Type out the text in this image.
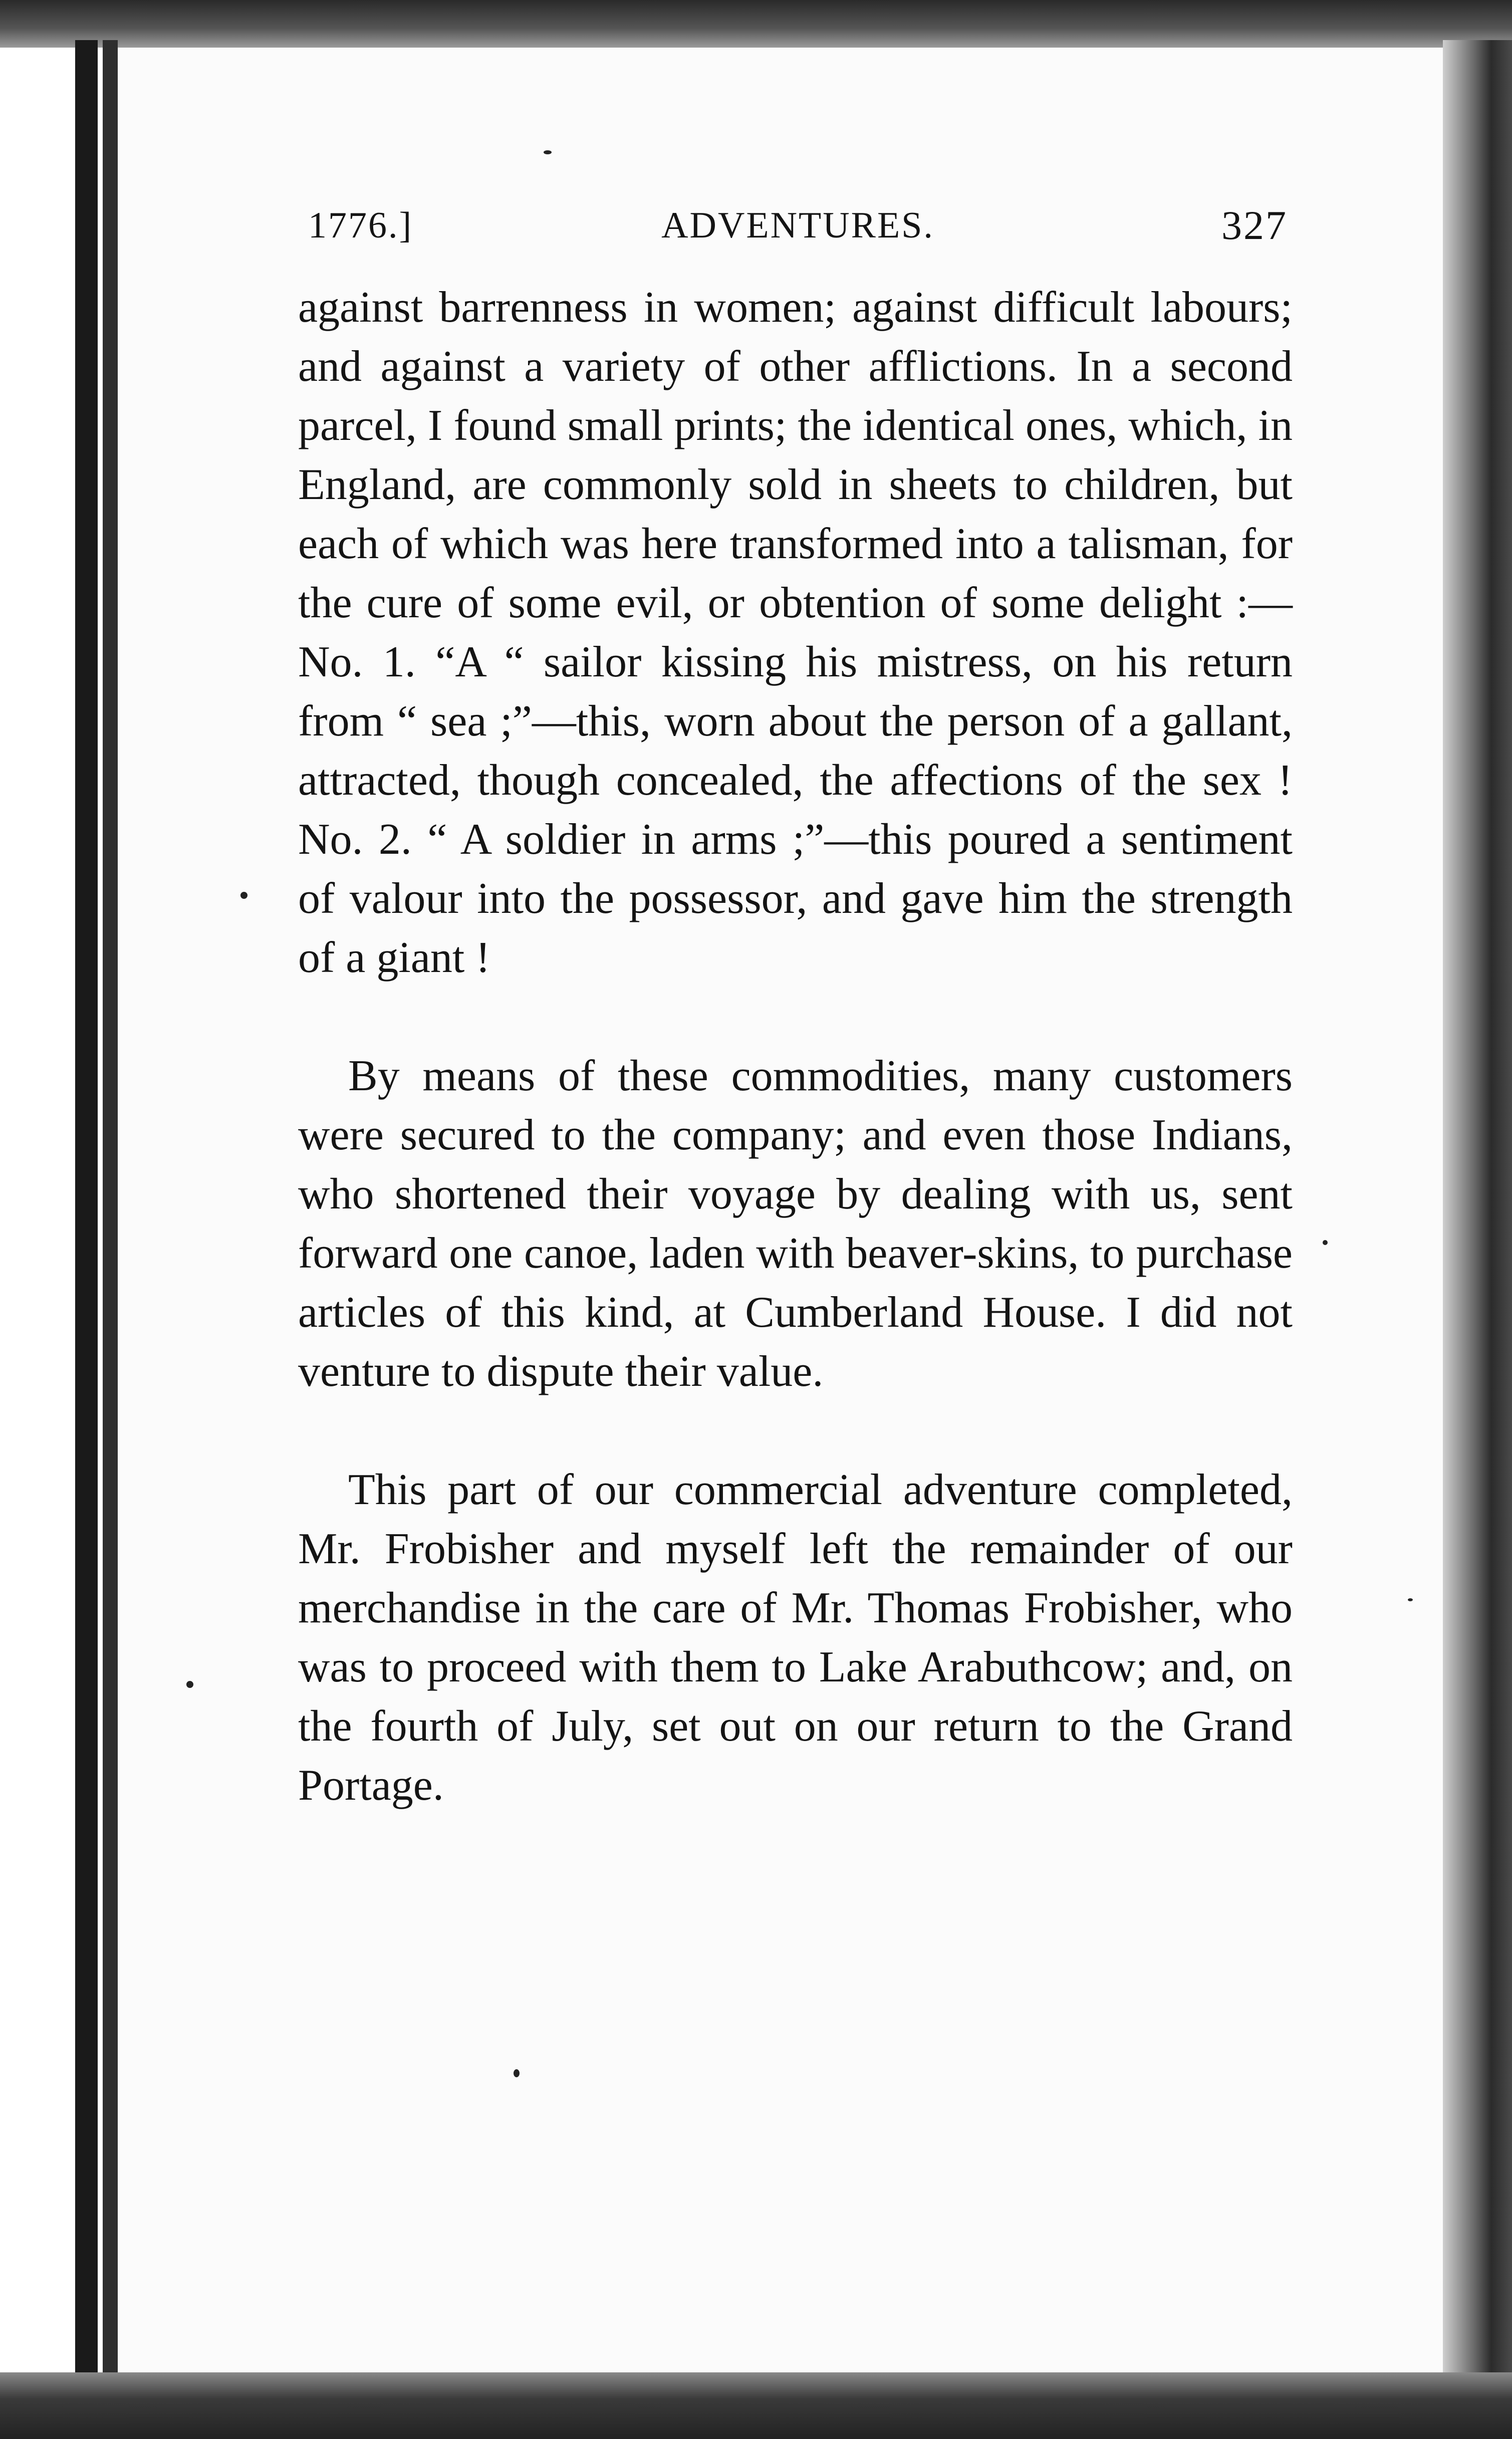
1776.]	ADVENTURES.	327

against barrenness in women; against difficult labours; and against a variety of other afflictions. In a second parcel, I found small prints; the identical ones, which, in England, are commonly sold in sheets to children, but each of which was here transformed into a talisman, for the cure of some evil, or obtention of some delight :—No. 1. “A “ sailor kissing his mistress, on his return from “ sea ;”—this, worn about the person of a gallant, attracted, though concealed, the affections of the sex ! No. 2. “ A soldier in arms ;”—this poured a sentiment of valour into the possessor, and gave him the strength of a giant !

By means of these commodities, many customers were secured to the company; and even those Indians, who shortened their voyage by dealing with us, sent forward one canoe, laden with beaver-skins, to purchase articles of this kind, at Cumberland House. I did not venture to dispute their value.

This part of our commercial adventure completed, Mr. Frobisher and myself left the remainder of our merchandise in the care of Mr. Thomas Frobisher, who was to proceed with them to Lake Arabuthcow; and, on the fourth of July, set out on our return to the Grand Portage.
